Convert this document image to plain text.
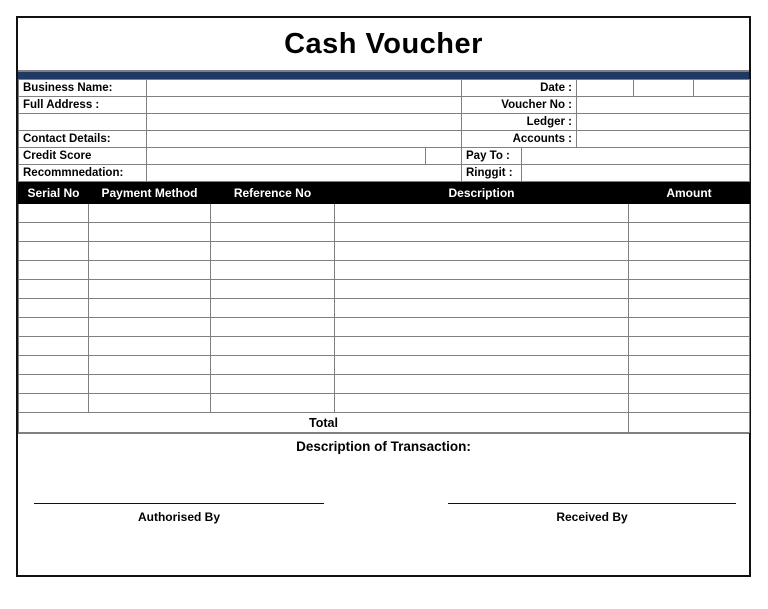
Cash Voucher
Business Name:			Date :				
Full Address :			Voucher No :				
			Ledger :				
Contact Details:			Accounts :				
Credit Score			Pay To :				
Recommnedation:			Ringgit :				
Serial No	Payment Method	Reference No	Description	Amount

Total				
Description of Transaction:
Authorised By	Received By
